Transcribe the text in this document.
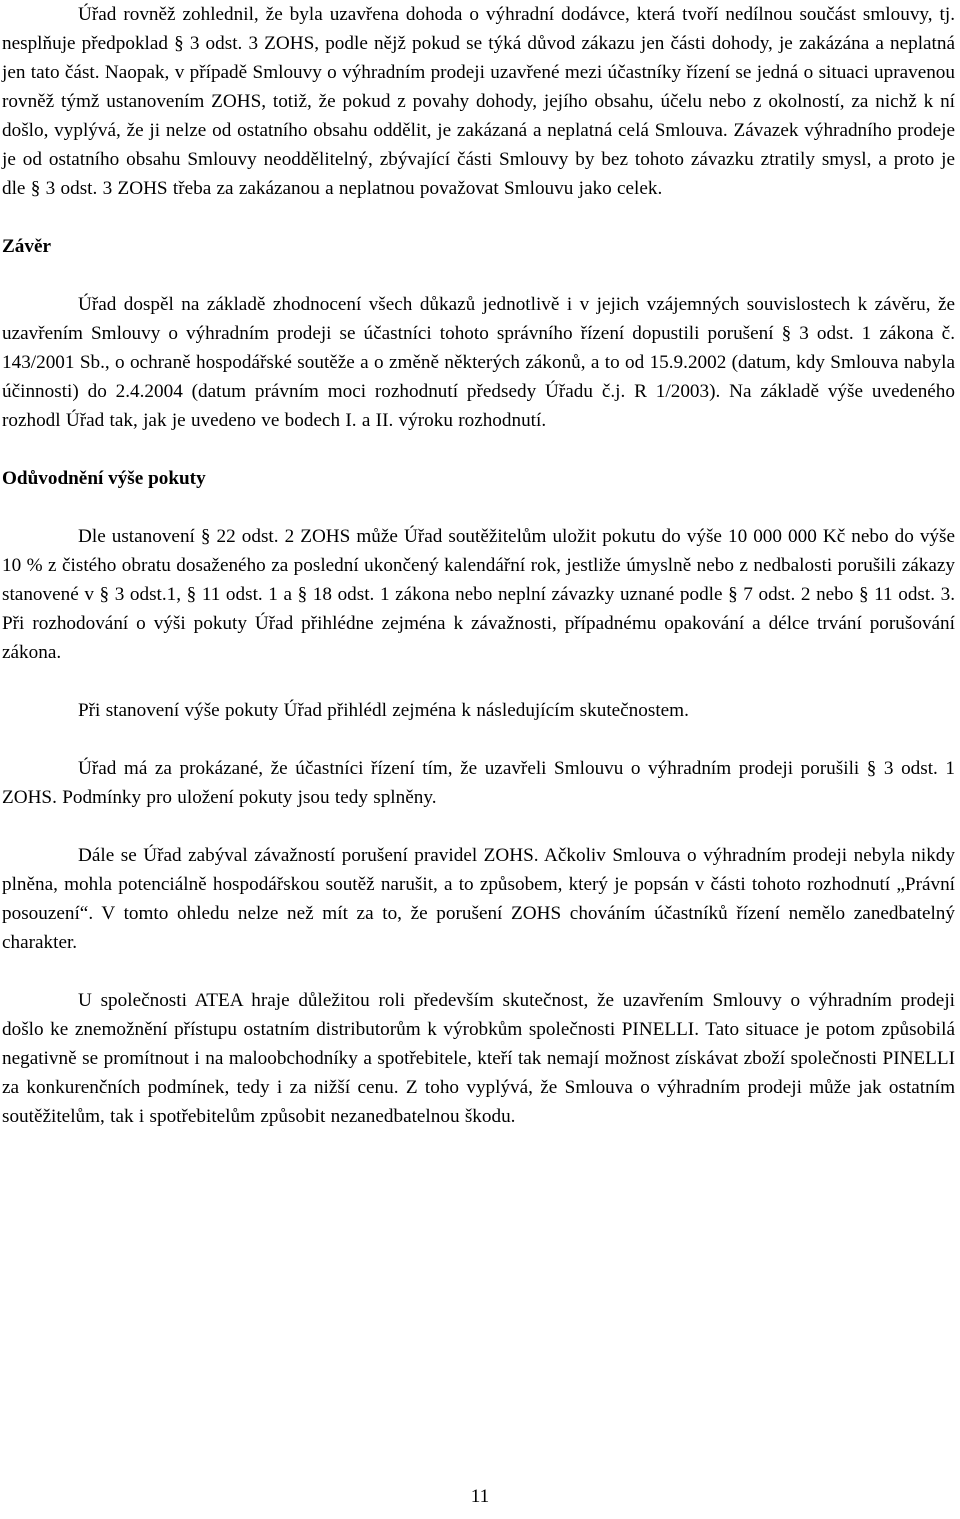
Úřad rovněž zohlednil, že byla uzavřena dohoda o výhradní dodávce, která tvoří nedílnou součást smlouvy, tj. nesplňuje předpoklad § 3 odst. 3 ZOHS, podle nějž pokud se týká důvod zákazu jen části dohody, je zakázána a neplatná jen tato část. Naopak, v případě Smlouvy o výhradním prodeji uzavřené mezi účastníky řízení se jedná o situaci upravenou rovněž týmž ustanovením ZOHS, totiž, že pokud z povahy dohody, jejího obsahu, účelu nebo z okolností, za nichž k ní došlo, vyplývá, že ji nelze od ostatního obsahu oddělit, je zakázaná a neplatná celá Smlouva. Závazek výhradního prodeje je od ostatního obsahu Smlouvy neoddělitelný, zbývající části Smlouvy by bez tohoto závazku ztratily smysl, a proto je dle § 3 odst. 3 ZOHS třeba za zakázanou a neplatnou považovat Smlouvu jako celek.

Závěr

Úřad dospěl na základě zhodnocení všech důkazů jednotlivě i v jejich vzájemných souvislostech k závěru, že uzavřením Smlouvy o výhradním prodeji se účastníci tohoto správního řízení dopustili porušení § 3 odst. 1 zákona č. 143/2001 Sb., o ochraně hospodářské soutěže a o změně některých zákonů, a to od 15.9.2002 (datum, kdy Smlouva nabyla účinnosti) do 2.4.2004 (datum právním moci rozhodnutí předsedy Úřadu č.j. R 1/2003). Na základě výše uvedeného rozhodl Úřad tak, jak je uvedeno ve bodech I. a II. výroku rozhodnutí.

Odůvodnění výše pokuty

Dle ustanovení § 22 odst. 2 ZOHS může Úřad soutěžitelům uložit pokutu do výše 10 000 000 Kč nebo do výše 10 % z čistého obratu dosaženého za poslední ukončený kalendářní rok, jestliže úmyslně nebo z nedbalosti porušili zákazy stanovené v § 3 odst.1, § 11 odst. 1 a § 18 odst. 1 zákona nebo neplní závazky uznané podle § 7 odst. 2 nebo § 11 odst. 3. Při rozhodování o výši pokuty Úřad přihlédne zejména k závažnosti, případnému opakování a délce trvání porušování zákona.

Při stanovení výše pokuty Úřad přihlédl zejména k následujícím skutečnostem.

Úřad má za prokázané, že účastníci řízení tím, že uzavřeli Smlouvu o výhradním prodeji porušili § 3 odst. 1 ZOHS. Podmínky pro uložení pokuty jsou tedy splněny.

Dále se Úřad zabýval závažností porušení pravidel ZOHS. Ačkoliv Smlouva o výhradním prodeji nebyla nikdy plněna, mohla potenciálně hospodářskou soutěž narušit, a to způsobem, který je popsán v části tohoto rozhodnutí „Právní posouzení“. V tomto ohledu nelze než mít za to, že porušení ZOHS chováním účastníků řízení nemělo zanedbatelný charakter.

U společnosti ATEA hraje důležitou roli především skutečnost, že uzavřením Smlouvy o výhradním prodeji došlo ke znemožnění přístupu ostatním distributorům k výrobkům společnosti PINELLI. Tato situace je potom způsobilá negativně se promítnout i na maloobchodníky a spotřebitele, kteří tak nemají možnost získávat zboží společnosti PINELLI za konkurenčních podmínek, tedy i za nižší cenu. Z toho vyplývá, že Smlouva o výhradním prodeji může jak ostatním soutěžitelům, tak i spotřebitelům způsobit nezanedbatelnou škodu.

11
